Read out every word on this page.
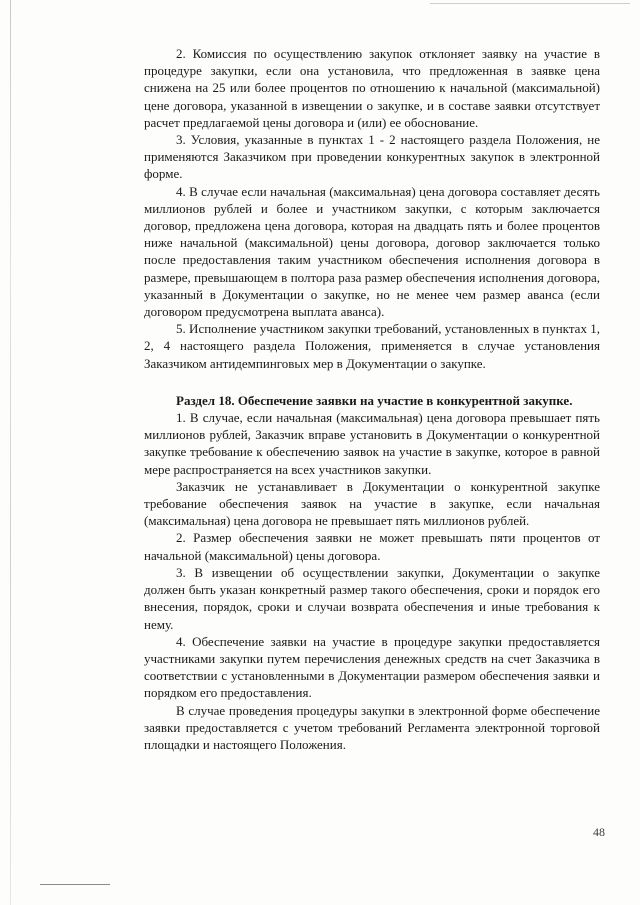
2. Комиссия по осуществлению закупок отклоняет заявку на участие в процедуре закупки, если она установила, что предложенная в заявке цена снижена на 25 или более процентов по отношению к начальной (максимальной) цене договора, указанной в извещении о закупке, и в составе заявки отсутствует расчет предлагаемой цены договора и (или) ее обоснование.

3. Условия, указанные в пунктах 1 - 2 настоящего раздела Положения, не применяются Заказчиком при проведении конкурентных закупок в электронной форме.

4. В случае если начальная (максимальная) цена договора составляет десять миллионов рублей и более и участником закупки, с которым заключается договор, предложена цена договора, которая на двадцать пять и более процентов ниже начальной (максимальной) цены договора, договор заключается только после предоставления таким участником обеспечения исполнения договора в размере, превышающем в полтора раза размер обеспечения исполнения договора, указанный в Документации о закупке, но не менее чем размер аванса (если договором предусмотрена выплата аванса).

5. Исполнение участником закупки требований, установленных в пунктах 1, 2, 4 настоящего раздела Положения, применяется в случае установления Заказчиком антидемпинговых мер в Документации о закупке.

Раздел 18. Обеспечение заявки на участие в конкурентной закупке.

1. В случае, если начальная (максимальная) цена договора превышает пять миллионов рублей, Заказчик вправе установить в Документации о конкурентной закупке требование к обеспечению заявок на участие в закупке, которое в равной мере распространяется на всех участников закупки.

Заказчик не устанавливает в Документации о конкурентной закупке требование обеспечения заявок на участие в закупке, если начальная (максимальная) цена договора не превышает пять миллионов рублей.

2. Размер обеспечения заявки не может превышать пяти процентов от начальной (максимальной) цены договора.

3. В извещении об осуществлении закупки, Документации о закупке должен быть указан конкретный размер такого обеспечения, сроки и порядок его внесения, порядок, сроки и случаи возврата обеспечения и иные требования к нему.

4. Обеспечение заявки на участие в процедуре закупки предоставляется участниками закупки путем перечисления денежных средств на счет Заказчика в соответствии с установленными в Документации размером обеспечения заявки и порядком его предоставления.

В случае проведения процедуры закупки в электронной форме обеспечение заявки предоставляется с учетом требований Регламента электронной торговой площадки и настоящего Положения.

48
